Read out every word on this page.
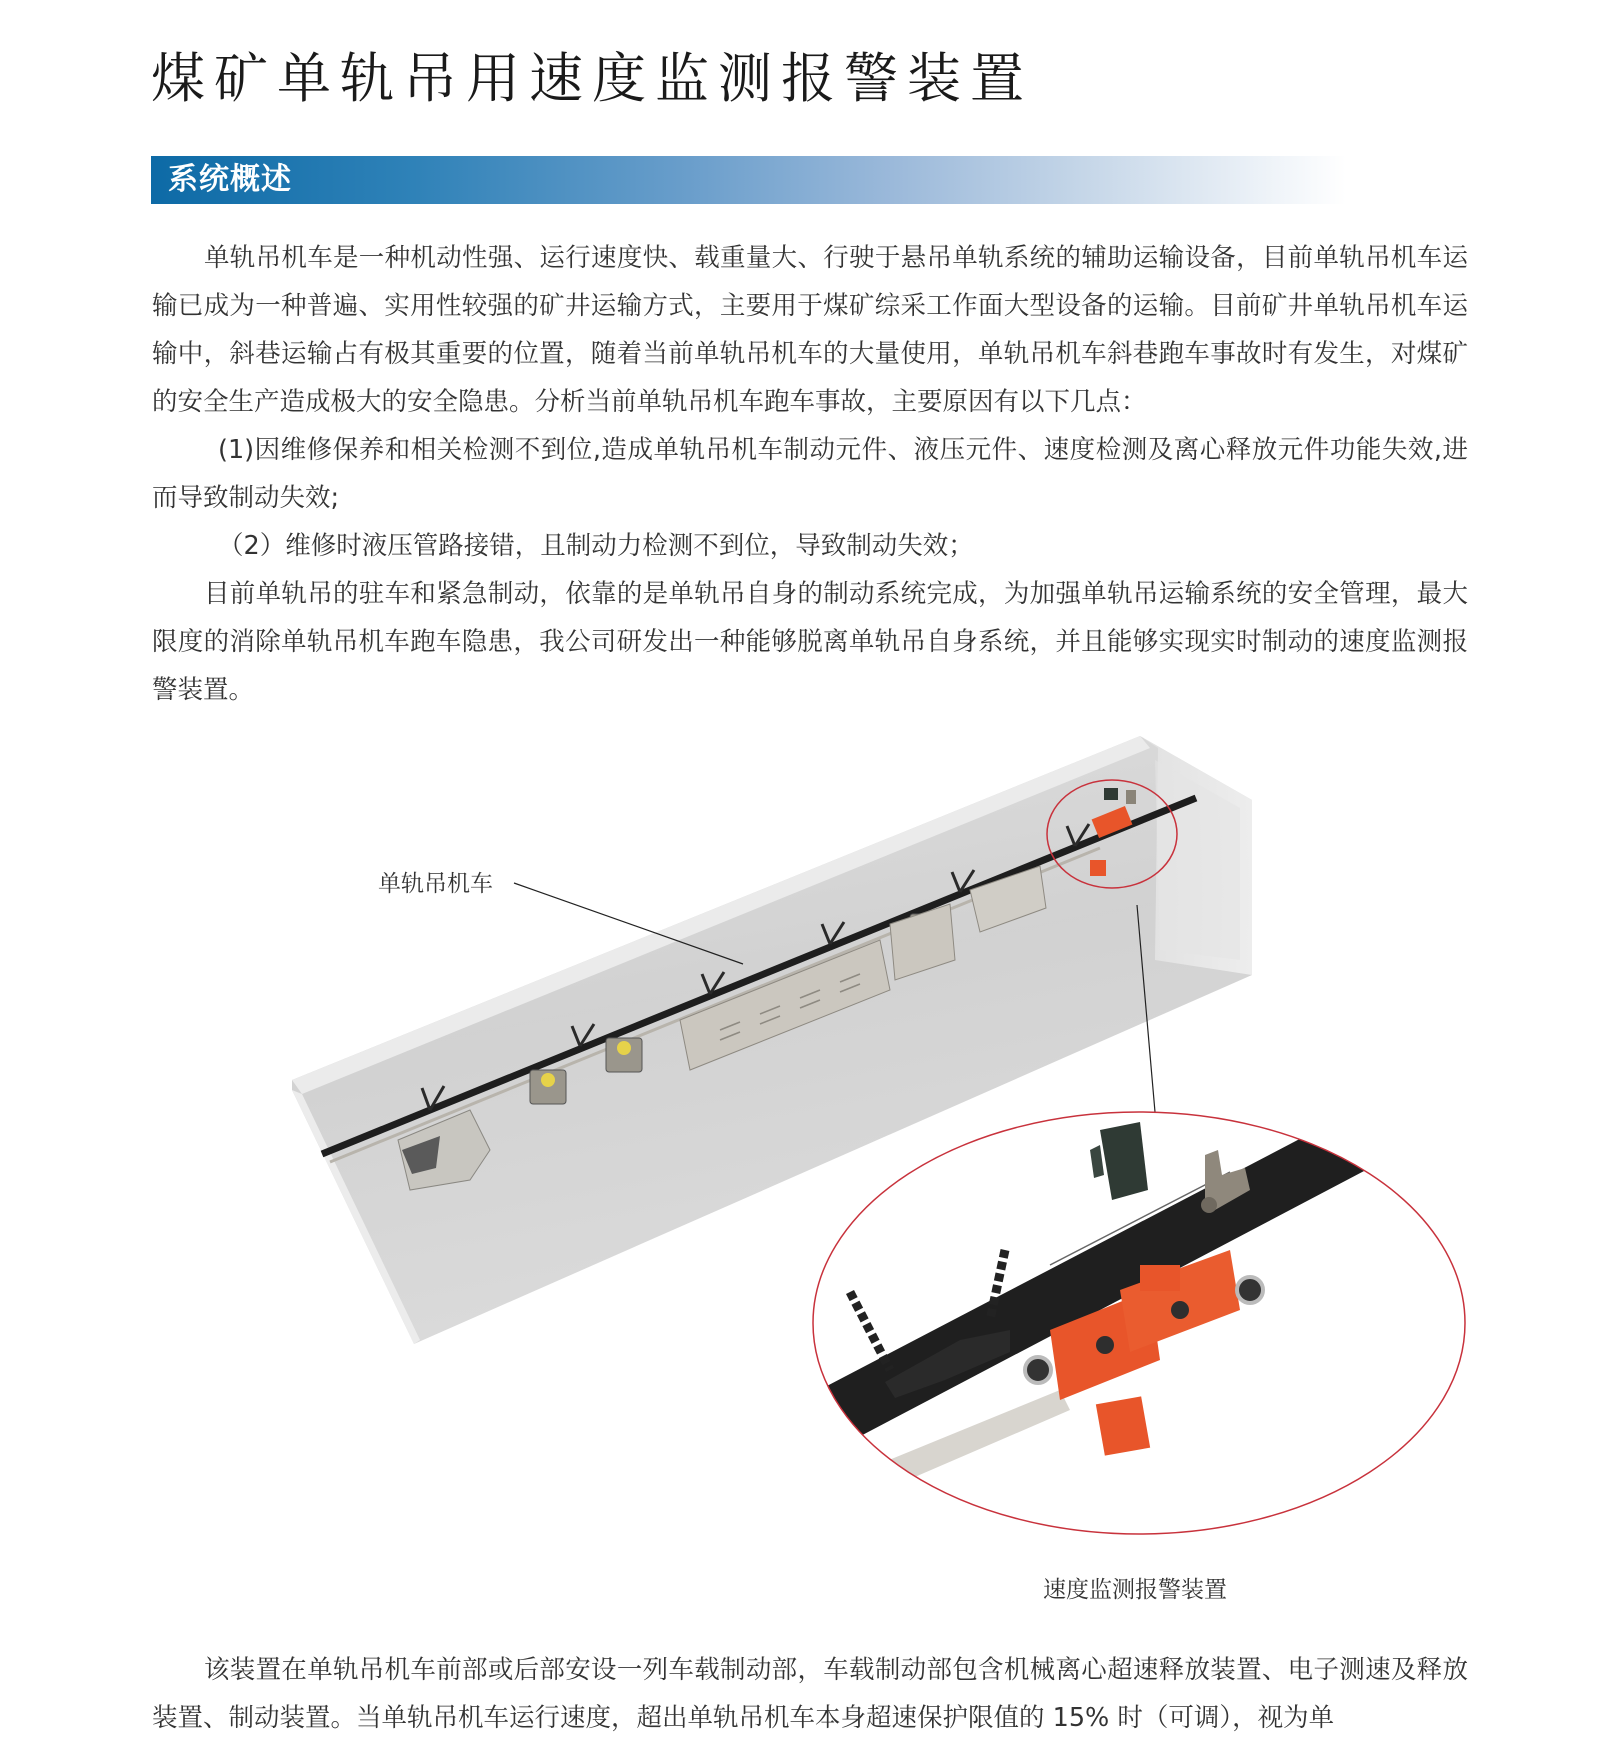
煤矿单轨吊用速度监测报警装置
系统概述

单轨吊机车是一种机动性强、运行速度快、载重量大、行驶于悬吊单轨系统的辅助运输设备，目前单轨吊机车运输已成为一种普遍、实用性较强的矿井运输方式，主要用于煤矿综采工作面大型设备的运输。目前矿井单轨吊机车运输中，斜巷运输占有极其重要的位置，随着当前单轨吊机车的大量使用，单轨吊机车斜巷跑车事故时有发生，对煤矿的安全生产造成极大的安全隐患。分析当前单轨吊机车跑车事故，主要原因有以下几点：

(1)因维修保养和相关检测不到位,造成单轨吊机车制动元件、液压元件、速度检测及离心释放元件功能失效,进而导致制动失效;

（2）维修时液压管路接错，且制动力检测不到位，导致制动失效；

目前单轨吊的驻车和紧急制动，依靠的是单轨吊自身的制动系统完成，为加强单轨吊运输系统的安全管理，最大限度的消除单轨吊机车跑车隐患，我公司研发出一种能够脱离单轨吊自身系统，并且能够实现实时制动的速度监测报警装置。

单轨吊机车
速度监测报警装置

该装置在单轨吊机车前部或后部安设一列车载制动部，车载制动部包含机械离心超速释放装置、电子测速及释放装置、制动装置。当单轨吊机车运行速度，超出单轨吊机车本身超速保护限值的 15% 时（可调），视为单
